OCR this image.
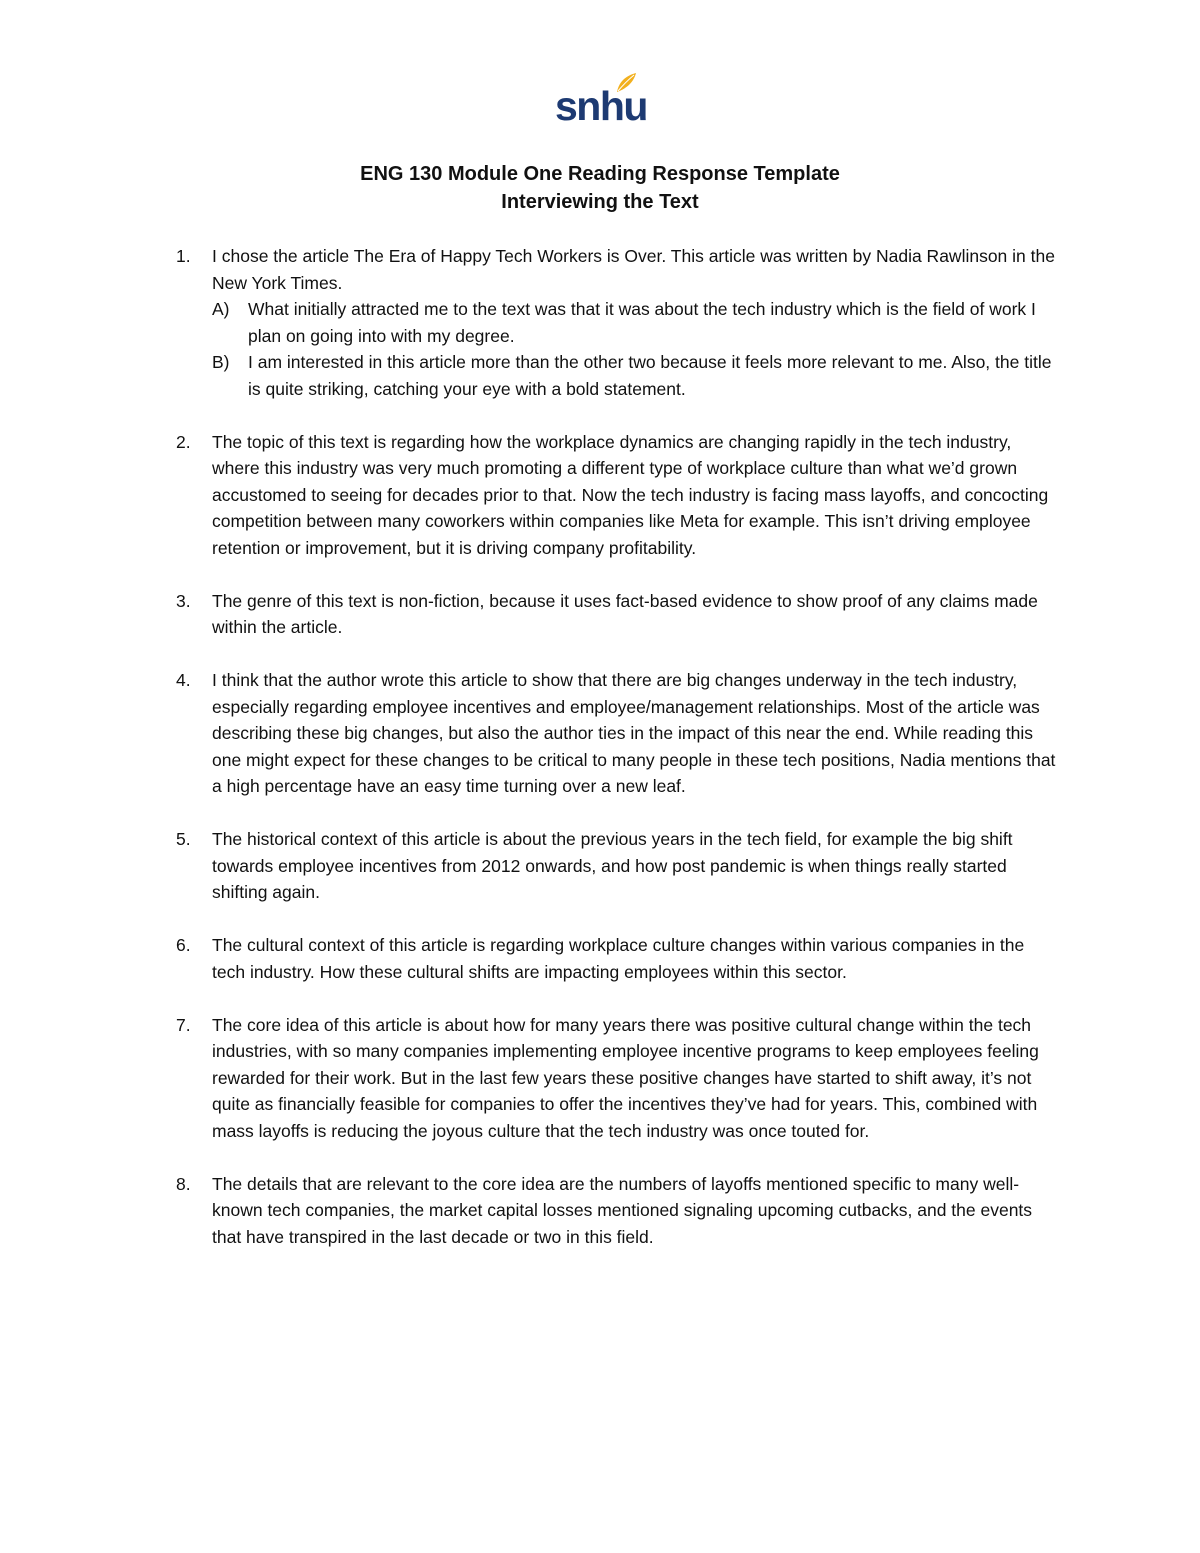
snhu
ENG 130 Module One Reading Response Template
Interviewing the Text
1. I chose the article The Era of Happy Tech Workers is Over. This article was written by Nadia Rawlinson in the New York Times.
A) What initially attracted me to the text was that it was about the tech industry which is the field of work I plan on going into with my degree.
B) I am interested in this article more than the other two because it feels more relevant to me. Also, the title is quite striking, catching your eye with a bold statement.
2. The topic of this text is regarding how the workplace dynamics are changing rapidly in the tech industry, where this industry was very much promoting a different type of workplace culture than what we’d grown accustomed to seeing for decades prior to that. Now the tech industry is facing mass layoffs, and concocting competition between many coworkers within companies like Meta for example. This isn’t driving employee retention or improvement, but it is driving company profitability.
3. The genre of this text is non-fiction, because it uses fact-based evidence to show proof of any claims made within the article.
4. I think that the author wrote this article to show that there are big changes underway in the tech industry, especially regarding employee incentives and employee/management relationships. Most of the article was describing these big changes, but also the author ties in the impact of this near the end. While reading this one might expect for these changes to be critical to many people in these tech positions, Nadia mentions that a high percentage have an easy time turning over a new leaf.
5. The historical context of this article is about the previous years in the tech field, for example the big shift towards employee incentives from 2012 onwards, and how post pandemic is when things really started shifting again.
6. The cultural context of this article is regarding workplace culture changes within various companies in the tech industry. How these cultural shifts are impacting employees within this sector.
7. The core idea of this article is about how for many years there was positive cultural change within the tech industries, with so many companies implementing employee incentive programs to keep employees feeling rewarded for their work. But in the last few years these positive changes have started to shift away, it’s not quite as financially feasible for companies to offer the incentives they’ve had for years. This, combined with mass layoffs is reducing the joyous culture that the tech industry was once touted for.
8. The details that are relevant to the core idea are the numbers of layoffs mentioned specific to many well-known tech companies, the market capital losses mentioned signaling upcoming cutbacks, and the events that have transpired in the last decade or two in this field.
